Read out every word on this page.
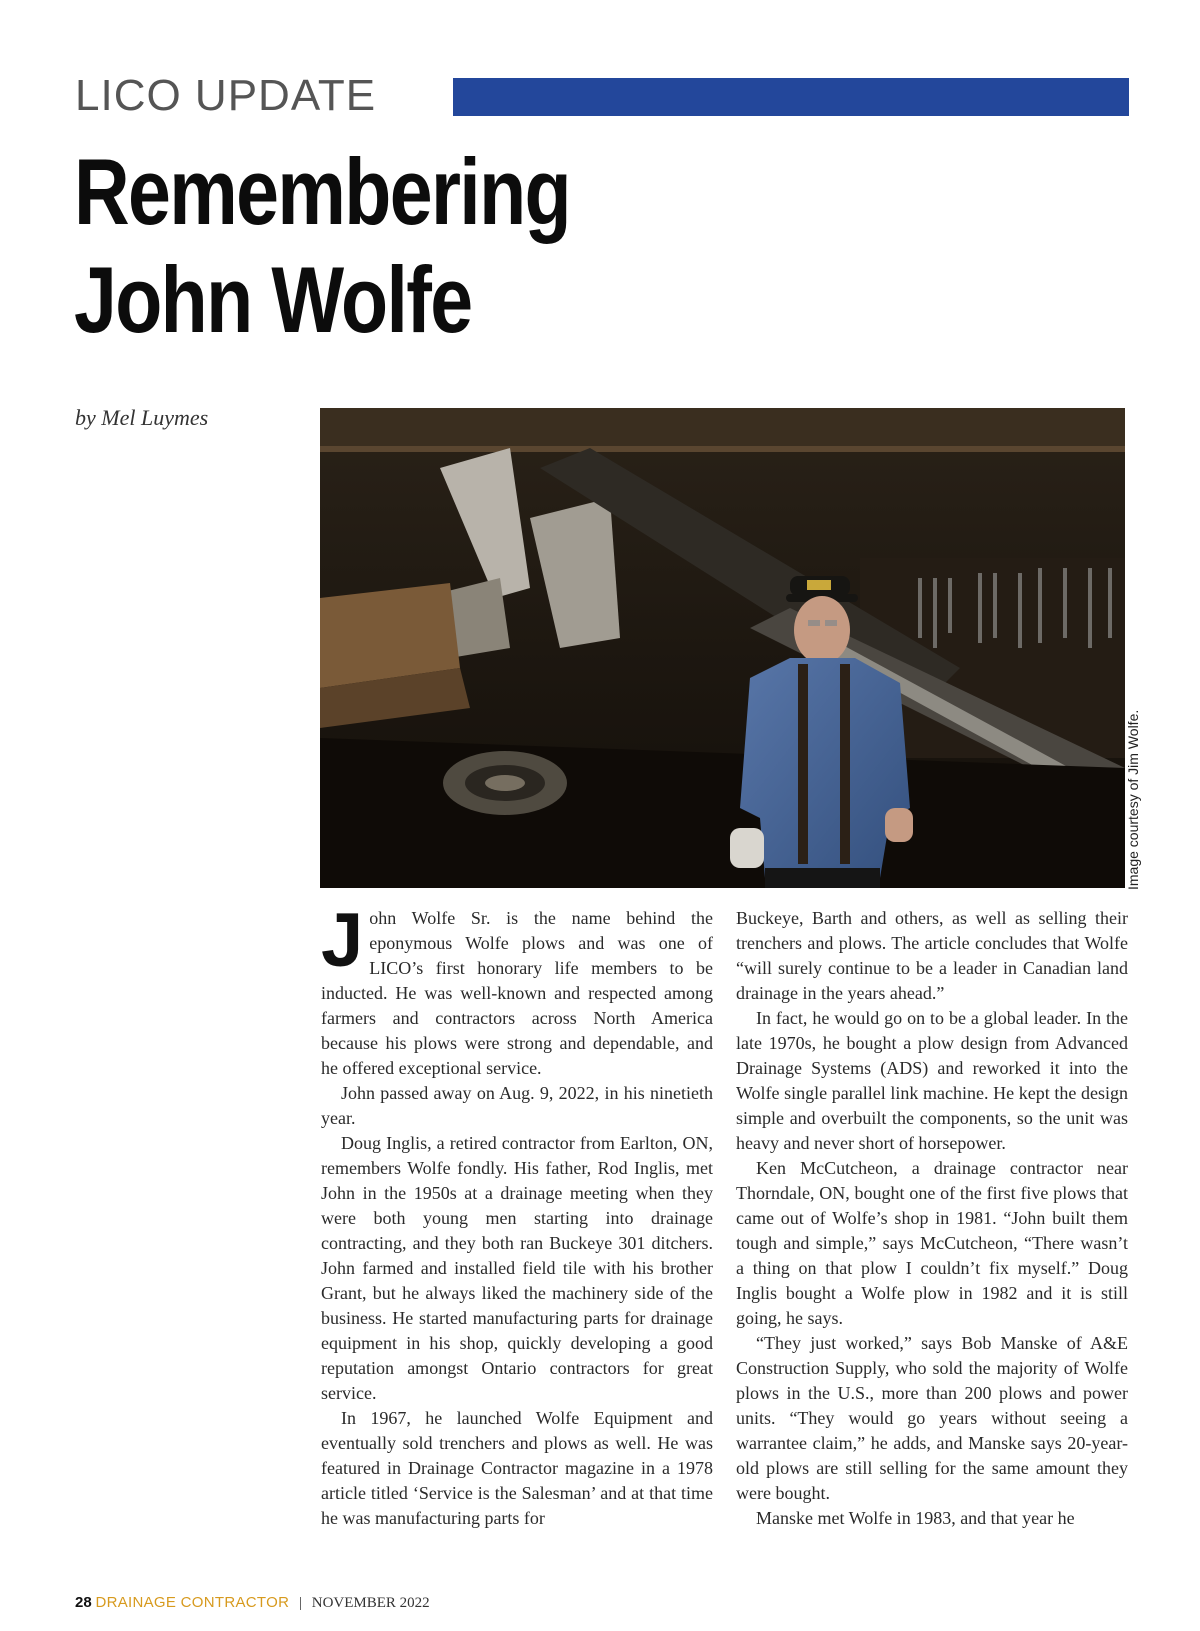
LICO UPDATE
Remembering
John Wolfe
by Mel Luymes
Image courtesy of Jim Wolfe.

John Wolfe Sr. is the name behind the eponymous Wolfe plows and was one of LICO’s first honorary life members to be inducted. He was well-known and respected among farmers and contractors across North America because his plows were strong and dependable, and he offered exceptional service.

John passed away on Aug. 9, 2022, in his ninetieth year.

Doug Inglis, a retired contractor from Earlton, ON, remembers Wolfe fondly. His father, Rod Inglis, met John in the 1950s at a drainage meeting when they were both young men starting into drainage contracting, and they both ran Buckeye 301 ditchers. John farmed and installed field tile with his brother Grant, but he always liked the machinery side of the business. He started manufacturing parts for drainage equipment in his shop, quickly developing a good reputation amongst Ontario contractors for great service.

In 1967, he launched Wolfe Equipment and eventually sold trenchers and plows as well. He was featured in Drainage Contractor magazine in a 1978 article titled ‘Service is the Salesman’ and at that time he was manufacturing parts for

Buckeye, Barth and others, as well as selling their trenchers and plows. The article concludes that Wolfe “will surely continue to be a leader in Canadian land drainage in the years ahead.”

In fact, he would go on to be a global leader. In the late 1970s, he bought a plow design from Advanced Drainage Systems (ADS) and reworked it into the Wolfe single parallel link machine. He kept the design simple and overbuilt the components, so the unit was heavy and never short of horsepower.

Ken McCutcheon, a drainage contractor near Thorndale, ON, bought one of the first five plows that came out of Wolfe’s shop in 1981. “John built them tough and simple,” says McCutcheon, “There wasn’t a thing on that plow I couldn’t fix myself.” Doug Inglis bought a Wolfe plow in 1982 and it is still going, he says.

“They just worked,” says Bob Manske of A&E Construction Supply, who sold the majority of Wolfe plows in the U.S., more than 200 plows and power units. “They would go years without seeing a warrantee claim,” he adds, and Manske says 20-year-old plows are still selling for the same amount they were bought.

Manske met Wolfe in 1983, and that year he

28 DRAINAGE CONTRACTOR | NOVEMBER 2022
